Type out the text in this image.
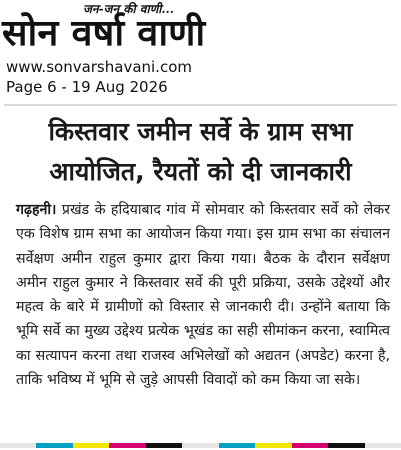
जन-जन की वाणी...
सोन वर्षा वाणी
www.sonvarshavani.com
Page 6 - 19 Aug 2026
किस्तवार जमीन सर्वे के ग्राम सभा
आयोजित, रैयतों को दी जानकारी
गढ़हनी। प्रखंड के हदियाबाद गांव में सोमवार को किस्तवार सर्वे को लेकर एक विशेष ग्राम सभा का आयोजन किया गया। इस ग्राम सभा का संचालन सर्वेक्षण अमीन राहुल कुमार द्वारा किया गया। बैठक के दौरान सर्वेक्षण अमीन राहुल कुमार ने किस्तवार सर्वे की पूरी प्रक्रिया, उसके उद्देश्यों और महत्व के बारे में ग्रामीणों को विस्तार से जानकारी दी। उन्होंने बताया कि भूमि सर्वे का मुख्य उद्देश्य प्रत्येक भूखंड का सही सीमांकन करना, स्वामित्व का सत्यापन करना तथा राजस्व अभिलेखों को अद्यतन (अपडेट) करना है, ताकि भविष्य में भूमि से जुड़े आपसी विवादों को कम किया जा सके।
